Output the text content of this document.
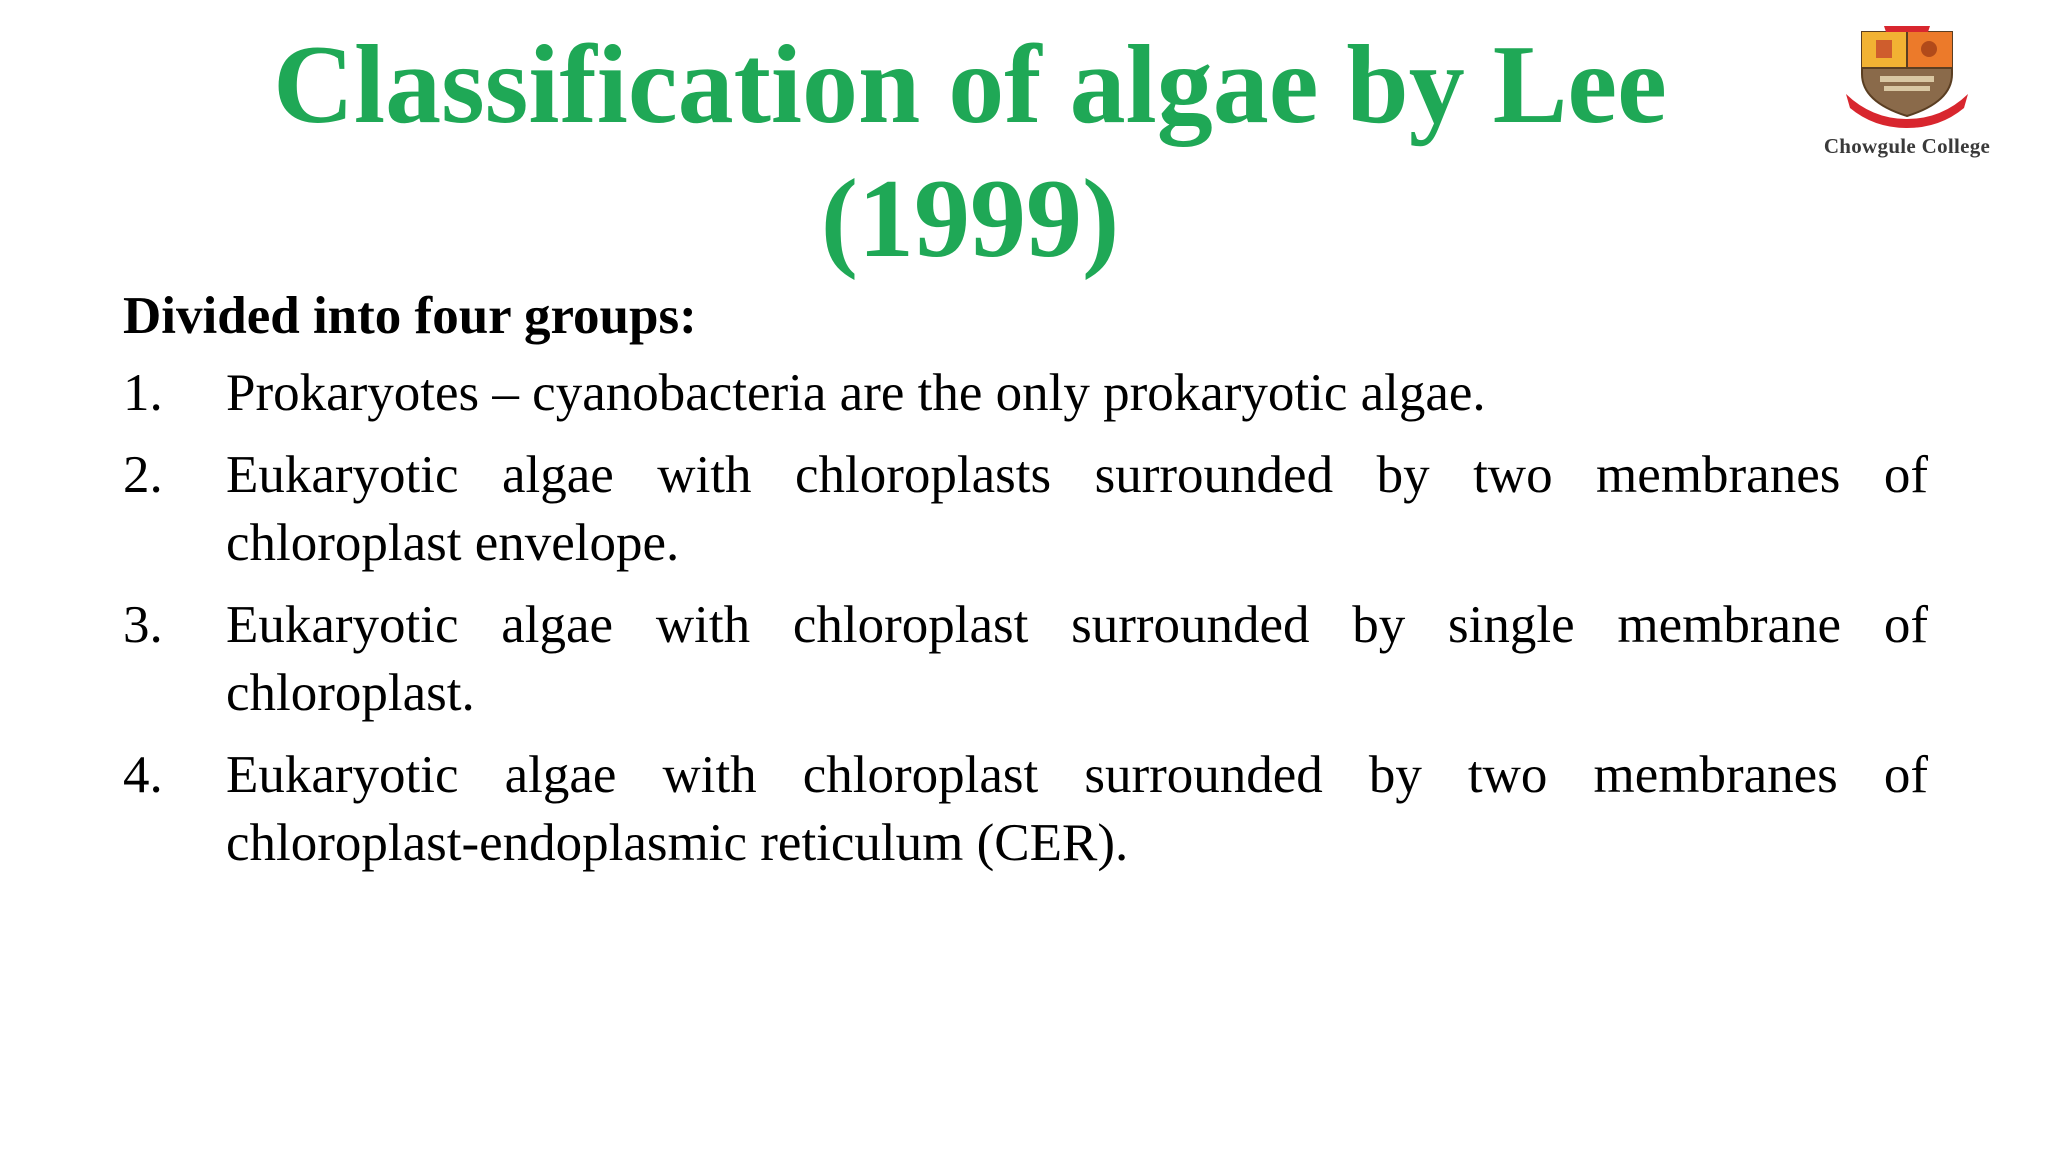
Classification of algae by Lee
(1999)
Chowgule College
Divided into four groups:
1. Prokaryotes – cyanobacteria are the only prokaryotic algae.
2. Eukaryotic algae with chloroplasts surrounded by two membranes of chloroplast envelope.
3. Eukaryotic algae with chloroplast surrounded by single membrane of chloroplast.
4. Eukaryotic algae with chloroplast surrounded by two membranes of chloroplast-endoplasmic reticulum (CER).
